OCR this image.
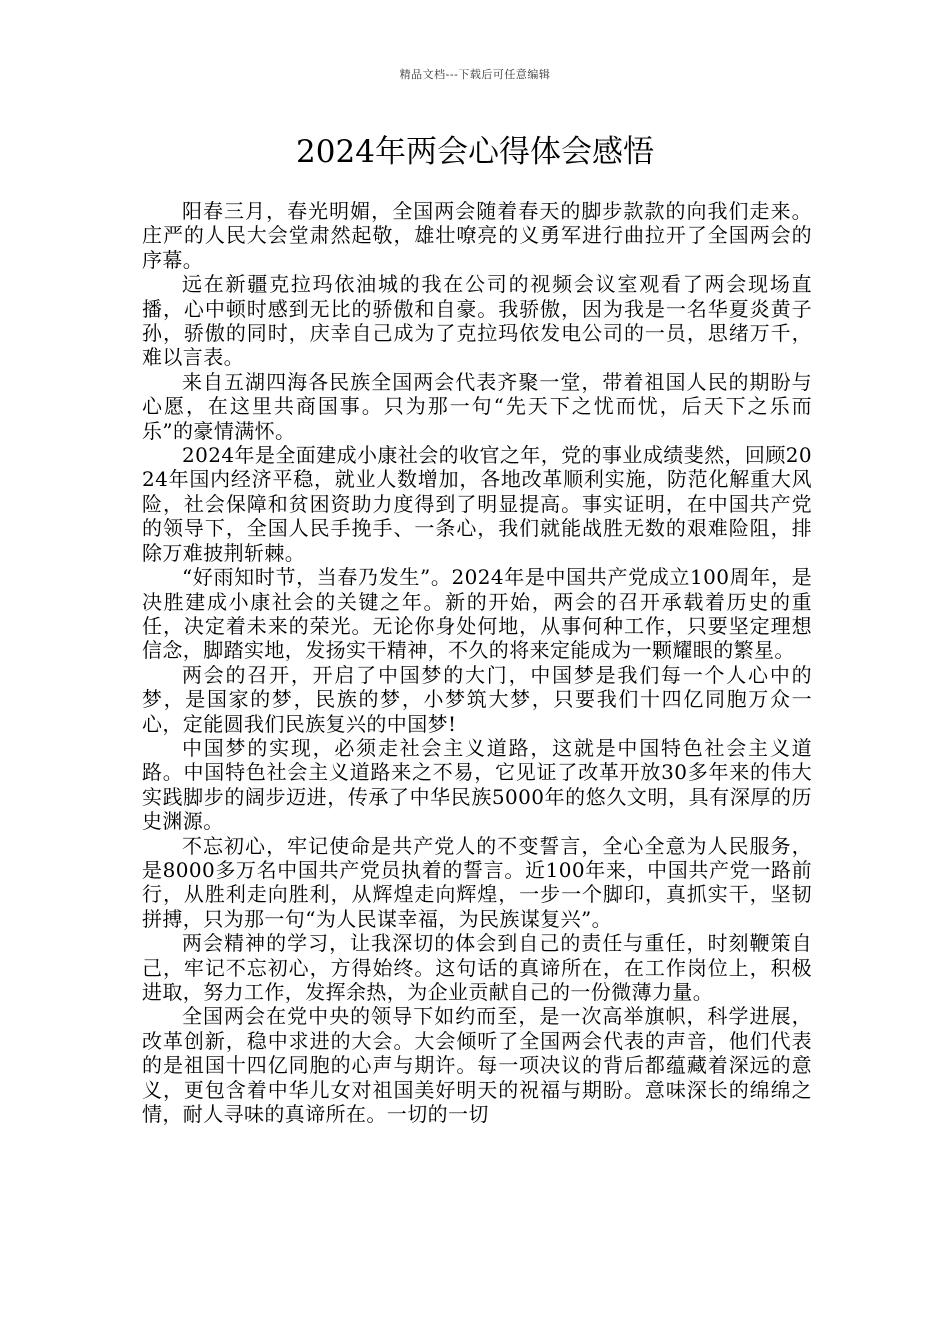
精品文档---下载后可任意编辑
2024年两会心得体会感悟

阳春三月，春光明媚，全国两会随着春天的脚步款款的向我们走来。庄严的人民大会堂肃然起敬，雄壮嘹亮的义勇军进行曲拉开了全国两会的序幕。

远在新疆克拉玛依油城的我在公司的视频会议室观看了两会现场直播，心中顿时感到无比的骄傲和自豪。我骄傲，因为我是一名华夏炎黄子孙，骄傲的同时，庆幸自己成为了克拉玛依发电公司的一员，思绪万千，难以言表。

来自五湖四海各民族全国两会代表齐聚一堂，带着祖国人民的期盼与心愿，在这里共商国事。只为那一句“先天下之忧而忧，后天下之乐而乐”的豪情满怀。

2024年是全面建成小康社会的收官之年，党的事业成绩斐然，回顾2024年国内经济平稳，就业人数增加，各地改革顺利实施，防范化解重大风险，社会保障和贫困资助力度得到了明显提高。事实证明，在中国共产党的领导下，全国人民手挽手、一条心，我们就能战胜无数的艰难险阻，排除万难披荆斩棘。

“好雨知时节，当春乃发生”。2024年是中国共产党成立100周年，是决胜建成小康社会的关键之年。新的开始，两会的召开承载着历史的重任，决定着未来的荣光。无论你身处何地，从事何种工作，只要坚定理想信念，脚踏实地，发扬实干精神，不久的将来定能成为一颗耀眼的繁星。

两会的召开，开启了中国梦的大门，中国梦是我们每一个人心中的梦，是国家的梦，民族的梦，小梦筑大梦，只要我们十四亿同胞万众一心，定能圆我们民族复兴的中国梦!

中国梦的实现，必须走社会主义道路，这就是中国特色社会主义道路。中国特色社会主义道路来之不易，它见证了改革开放30多年来的伟大实践脚步的阔步迈进，传承了中华民族5000年的悠久文明，具有深厚的历史渊源。

不忘初心，牢记使命是共产党人的不变誓言，全心全意为人民服务，是8000多万名中国共产党员执着的誓言。近100年来，中国共产党一路前行，从胜利走向胜利，从辉煌走向辉煌，一步一个脚印，真抓实干，坚韧拼搏，只为那一句“为人民谋幸福，为民族谋复兴”。

两会精神的学习，让我深切的体会到自己的责任与重任，时刻鞭策自己，牢记不忘初心，方得始终。这句话的真谛所在，在工作岗位上，积极进取，努力工作，发挥余热，为企业贡献自己的一份微薄力量。

全国两会在党中央的领导下如约而至，是一次高举旗帜，科学进展，改革创新，稳中求进的大会。大会倾听了全国两会代表的声音，他们代表的是祖国十四亿同胞的心声与期许。每一项决议的背后都蕴藏着深远的意义，更包含着中华儿女对祖国美好明天的祝福与期盼。意味深长的绵绵之情，耐人寻味的真谛所在。一切的一切
